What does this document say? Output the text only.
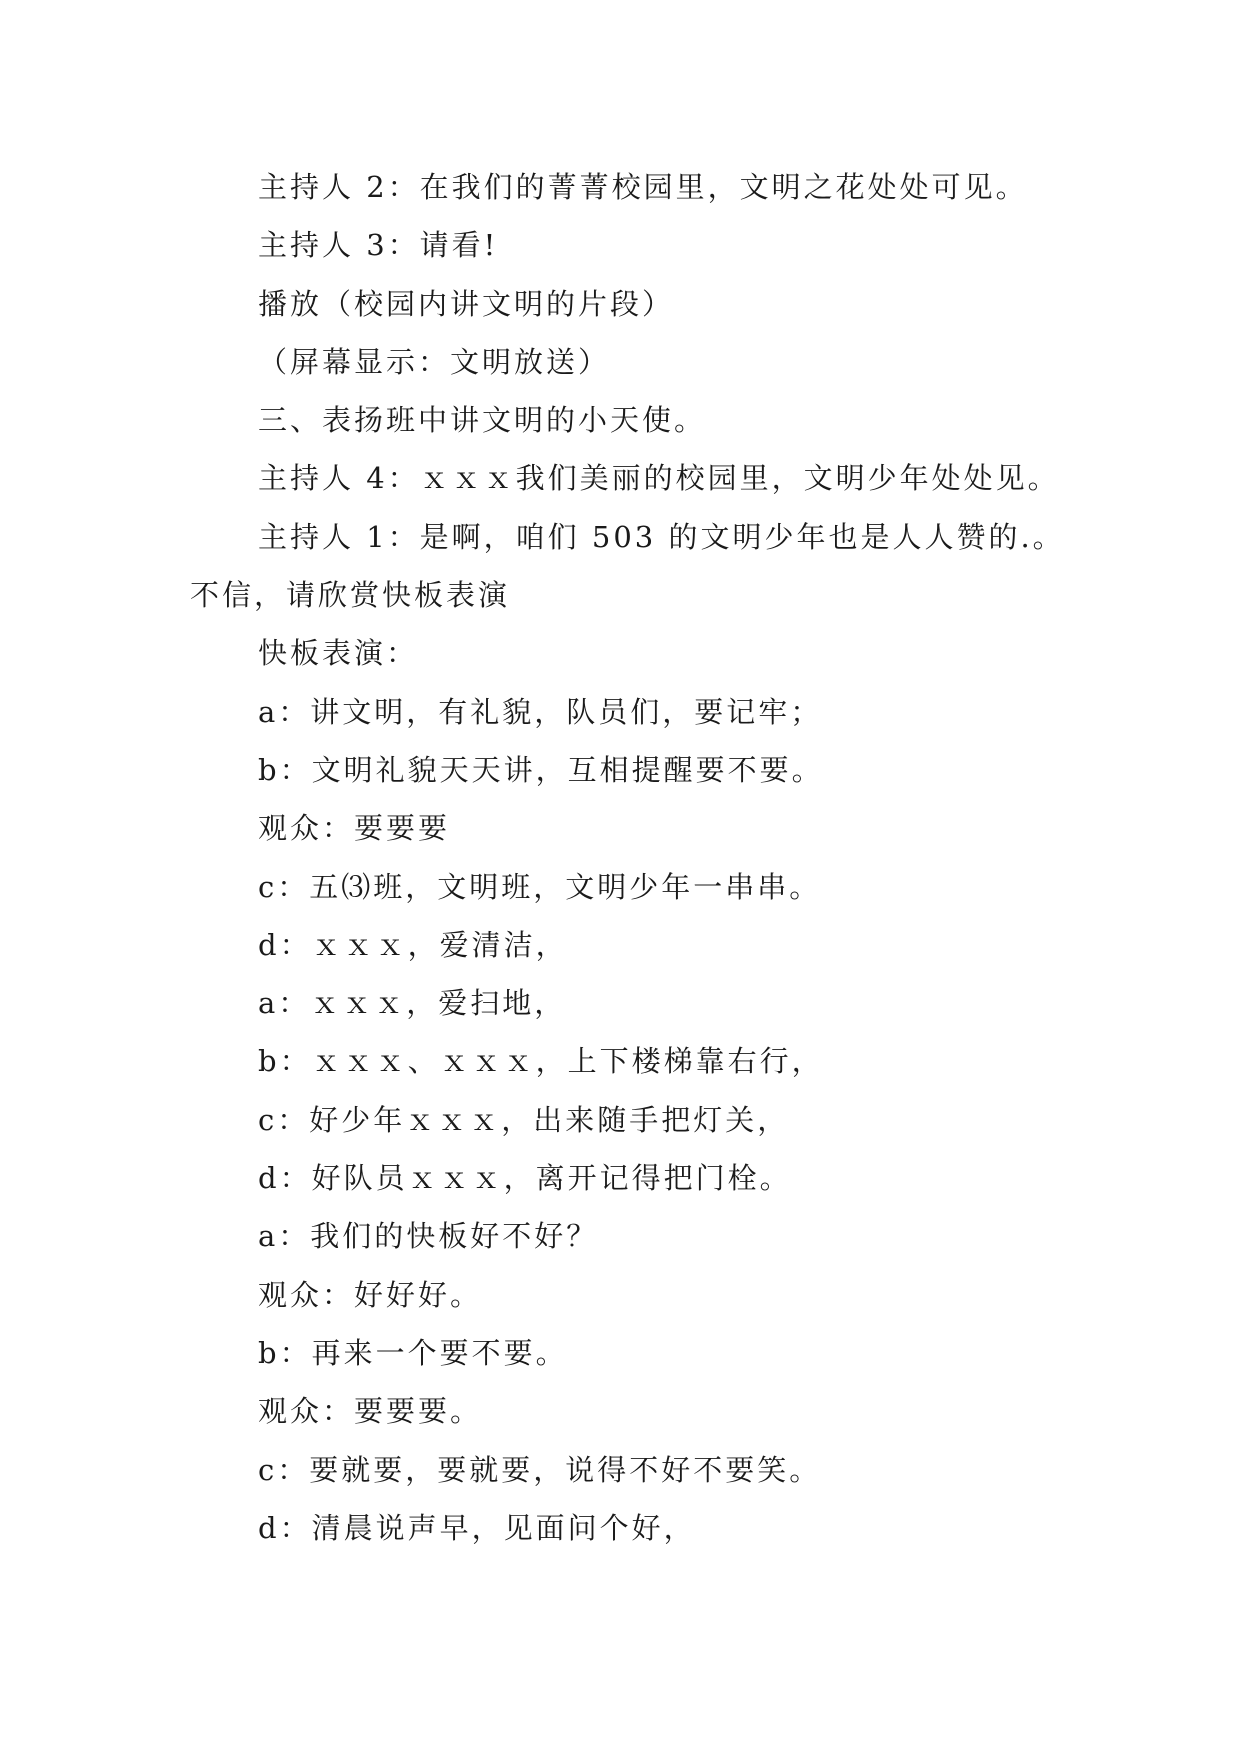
主持人 2：在我们的菁菁校园里，文明之花处处可见。

主持人 3：请看!

播放（校园内讲文明的片段）

（屏幕显示：文明放送）

三、表扬班中讲文明的小天使。

主持人 4：ｘｘｘ我们美丽的校园里，文明少年处处见。

主持人 1：是啊，咱们 503 的文明少年也是人人赞的.。不信，请欣赏快板表演

快板表演：

a：讲文明，有礼貌，队员们，要记牢；

b：文明礼貌天天讲，互相提醒要不要。

观众：要要要

c：五⑶班，文明班，文明少年一串串。

d：ｘｘｘ，爱清洁，

a：ｘｘｘ，爱扫地，

b：ｘｘｘ、ｘｘｘ，上下楼梯靠右行，

c：好少年ｘｘｘ，出来随手把灯关，

d：好队员ｘｘｘ，离开记得把门栓。

a：我们的快板好不好？

观众：好好好。

b：再来一个要不要。

观众：要要要。

c：要就要，要就要，说得不好不要笑。

d：清晨说声早，见面问个好，
